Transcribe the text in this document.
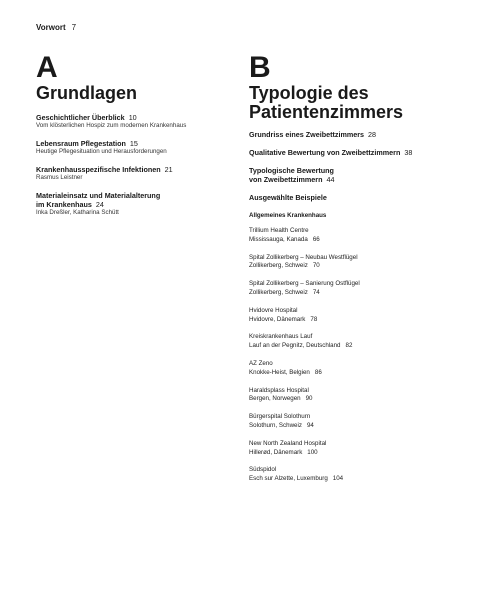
Vorwort 7
A
Grundlagen
Geschichtlicher Überblick 10
Vom klösterlichen Hospiz zum modernen Krankenhaus
Lebensraum Pflegestation 15
Heutige Pflegesituation und Herausforderungen
Krankenhausspezifische Infektionen 21
Rasmus Leistner
Materialeinsatz und Materialalterung
im Krankenhaus 24
Inka Dreßler, Katharina Schütt
B
Typologie des
Patientenzimmers
Grundriss eines Zweibettzimmers 28
Qualitative Bewertung von Zweibettzimmern 38
Typologische Bewertung
von Zweibettzimmern 44
Ausgewählte Beispiele
Allgemeines Krankenhaus
Trillium Health Centre
Mississauga, Kanada 66
Spital Zollikerberg – Neubau Westflügel
Zollikerberg, Schweiz 70
Spital Zollikerberg – Sanierung Ostflügel
Zollikerberg, Schweiz 74
Hvidovre Hospital
Hvidovre, Dänemark 78
Kreiskrankenhaus Lauf
Lauf an der Pegnitz, Deutschland 82
AZ Zeno
Knokke-Heist, Belgien 86
Haraldsplass Hospital
Bergen, Norwegen 90
Bürgerspital Solothurn
Solothurn, Schweiz 94
New North Zealand Hospital
Hillerød, Dänemark 100
Südspidol
Esch sur Alzette, Luxemburg 104
